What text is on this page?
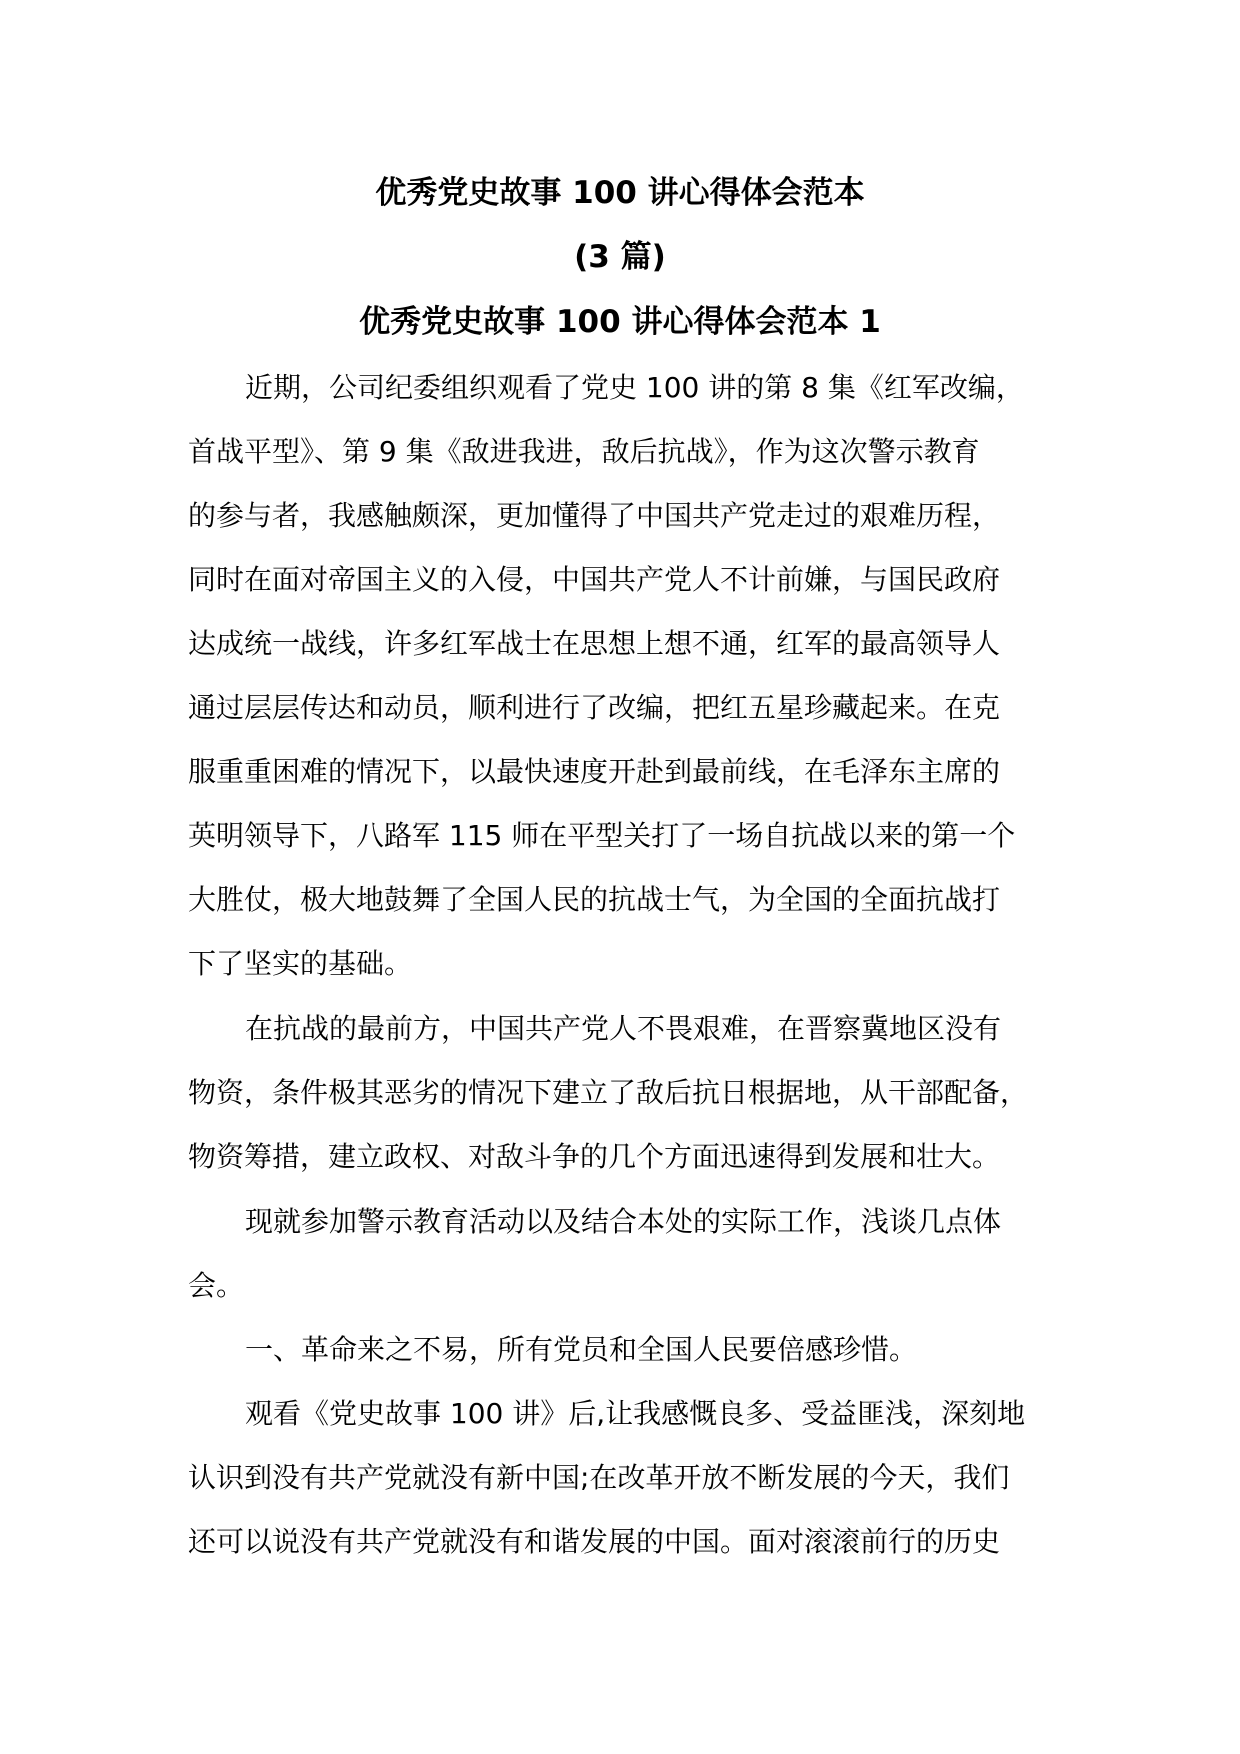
优秀党史故事 100 讲心得体会范本
(3 篇)
优秀党史故事 100 讲心得体会范本 1
近期，公司纪委组织观看了党史 100 讲的第 8 集《红军改编，
首战平型》、第 9 集《敌进我进，敌后抗战》，作为这次警示教育
的参与者，我感触颇深，更加懂得了中国共产党走过的艰难历程，
同时在面对帝国主义的入侵，中国共产党人不计前嫌，与国民政府
达成统一战线，许多红军战士在思想上想不通，红军的最高领导人
通过层层传达和动员，顺利进行了改编，把红五星珍藏起来。在克
服重重困难的情况下，以最快速度开赴到最前线，在毛泽东主席的
英明领导下，八路军 115 师在平型关打了一场自抗战以来的第一个
大胜仗，极大地鼓舞了全国人民的抗战士气，为全国的全面抗战打
下了坚实的基础。
在抗战的最前方，中国共产党人不畏艰难，在晋察冀地区没有
物资，条件极其恶劣的情况下建立了敌后抗日根据地，从干部配备，
物资筹措，建立政权、对敌斗争的几个方面迅速得到发展和壮大。
现就参加警示教育活动以及结合本处的实际工作，浅谈几点体
会。
一、革命来之不易，所有党员和全国人民要倍感珍惜。
观看《党史故事 100 讲》后,让我感慨良多、受益匪浅，深刻地
认识到没有共产党就没有新中国;在改革开放不断发展的今天，我们
还可以说没有共产党就没有和谐发展的中国。面对滚滚前行的历史
